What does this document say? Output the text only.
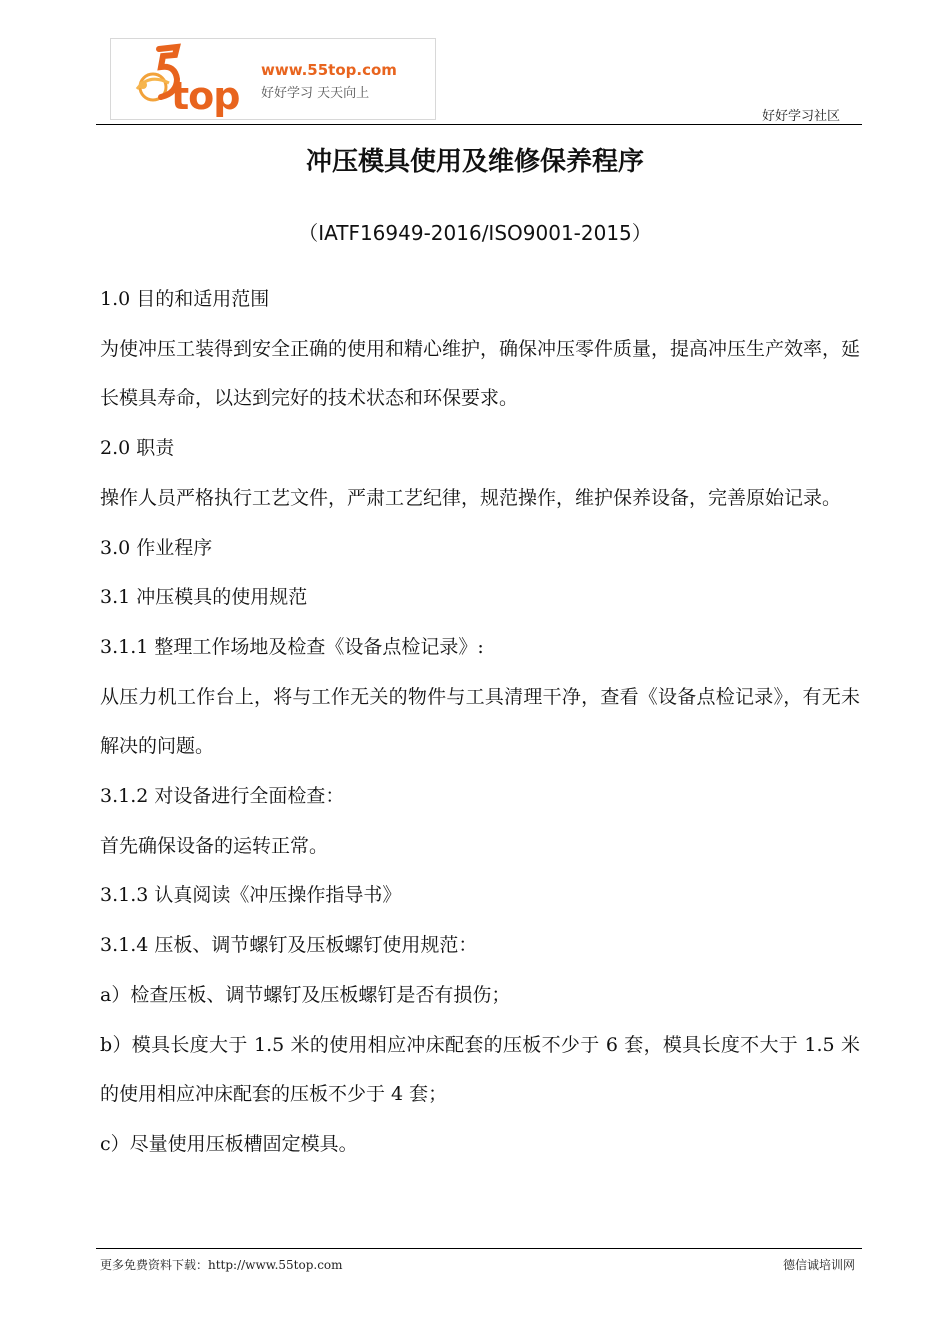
top
www.55top.com
好好学习 天天向上
好好学习社区
冲压模具使用及维修保养程序
（IATF16949-2016/ISO9001-2015）

1.0 目的和适用范围

为使冲压工装得到安全正确的使用和精心维护，确保冲压零件质量，提高冲压生产效率，延长模具寿命，以达到完好的技术状态和环保要求。

2.0 职责

操作人员严格执行工艺文件，严肃工艺纪律，规范操作，维护保养设备，完善原始记录。

3.0 作业程序

3.1 冲压模具的使用规范

3.1.1 整理工作场地及检查《设备点检记录》:

从压力机工作台上，将与工作无关的物件与工具清理干净，查看《设备点检记录》，有无未解决的问题。

3.1.2 对设备进行全面检查：

首先确保设备的运转正常。

3.1.3 认真阅读《冲压操作指导书》

3.1.4 压板、调节螺钉及压板螺钉使用规范：

a）检查压板、调节螺钉及压板螺钉是否有损伤；

b）模具长度大于 1.5 米的使用相应冲床配套的压板不少于 6 套，模具长度不大于 1.5 米的使用相应冲床配套的压板不少于 4 套；

c）尽量使用压板槽固定模具。

更多免费资料下载：http://www.55top.com	德信诚培训网
